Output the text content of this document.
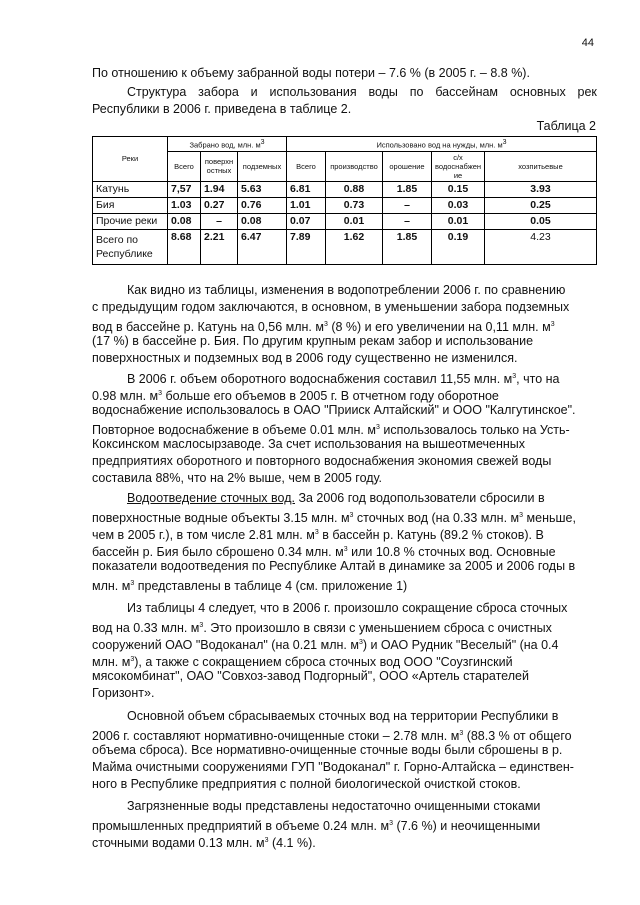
44
По отношению к объему забранной воды потери – 7.6 % (в 2005 г. – 8.8 %).
Структура забора и использования воды по бассейнам основных рек
Республики в 2006 г. приведена в таблице 2.
Таблица 2
Реки	Забрано вод, млн. $м^3$			Использовано вод на нужды, млн. $м^3$
	Всего	поверхн остных	подземных	Всего	производство	орошение	с/х водоснабжен ие	хозпитьевые
Катунь	7,57	1.94	5.63	6.81	0.88	1.85	0.15	3.93
Бия	1.03	0.27	0.76	1.01	0.73	–	0.03	0.25
Прочие реки	0.08	–	0.08	0.07	0.01	–	0.01	0.05
Всего по Республике	8.68	2.21	6.47	7.89	1.62	1.85	0.19	4.23
Как видно из таблицы, изменения в водопотреблении 2006 г. по сравнению
с предыдущим годом заключаются, в основном, в уменьшении забора подземных
вод в бассейне р. Катунь на 0,56 млн. $м^3$ (8 %) и его увеличении на 0,11 млн. $м^3$
(17 %) в бассейне р. Бия. По другим крупным рекам забор и использование
поверхностных и подземных вод в 2006 году существенно не изменился.
В 2006 г. объем оборотного водоснабжения составил 11,55 млн. $м^3$, что на
0.98 млн. $м^3$ больше его объемов в 2005 г. В отчетном году оборотное
водоснабжение использовалось в ОАО "Прииск Алтайский" и ООО "Калгутинское".
Повторное водоснабжение в объеме 0.01 млн. $м^3$ использовалось только на Усть-
Коксинском маслосырзаводе. За счет использования на вышеотмеченных
предприятиях оборотного и повторного водоснабжения экономия свежей воды
составила 88%, что на 2% выше, чем в 2005 году.
Водоотведение сточных вод. За 2006 год водопользователи сбросили в
поверхностные водные объекты 3.15 млн. $м^3$ сточных вод (на 0.33 млн. $м^3$ меньше,
чем в 2005 г.), в том числе 2.81 млн. $м^3$ в бассейн р. Катунь (89.2 % стоков). В
бассейн р. Бия было сброшено 0.34 млн. $м^3$ или 10.8 % сточных вод. Основные
показатели водоотведения по Республике Алтай в динамике за 2005 и 2006 годы в
млн. $м^3$ представлены в таблице 4 (см. приложение 1)
Из таблицы 4 следует, что в 2006 г. произошло сокращение сброса сточных
вод на 0.33 млн. $м^3$. Это произошло в связи с уменьшением сброса с очистных
сооружений ОАО "Водоканал" (на 0.21 млн. $м^3$) и ОАО Рудник "Веселый" (на 0.4
млн. $м^3$), а также с сокращением сброса сточных вод ООО "Соузгинский
мясокомбинат", ОАО "Совхоз-завод Подгорный", ООО «Артель старателей
Горизонт».
Основной объем сбрасываемых сточных вод на территории Республики в
2006 г. составляют нормативно-очищенные стоки – 2.78 млн. $м^3$ (88.3 % от общего
объема сброса). Все нормативно-очищенные сточные воды были сброшены в р.
Майма очистными сооружениями ГУП "Водоканал" г. Горно-Алтайска – единствен-
ного в Республике предприятия с полной биологической очисткой стоков.
Загрязненные воды представлены недостаточно очищенными стоками
промышленных предприятий в объеме 0.24 млн. $м^3$ (7.6 %) и неочищенными
сточными водами 0.13 млн. $м^3$ (4.1 %).
